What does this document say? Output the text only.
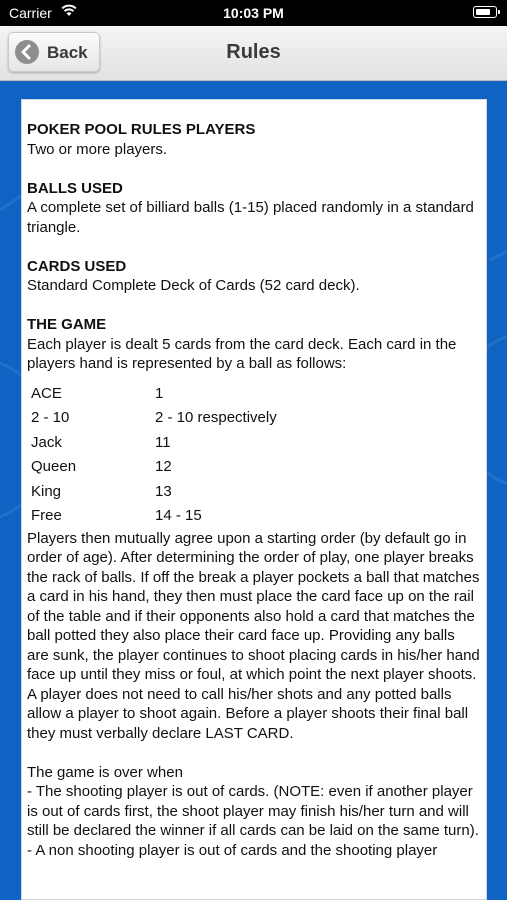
Carrier	10:03 PM
Back	Rules
POKER POOL RULES PLAYERS

Two or more players.

BALLS USED

A complete set of billiard balls (1-15) placed randomly in a standard triangle.

CARDS USED

Standard Complete Deck of Cards (52 card deck).

THE GAME

Each player is dealt 5 cards from the card deck. Each card in the players hand is represented by a ball as follows:

ACE	1
2 - 10	2 - 10 respectively
Jack	11
Queen	12
King	13
Free	14 - 15

Players then mutually agree upon a starting order (by default go in order of age). After determining the order of play, one player breaks the rack of balls. If off the break a player pockets a ball that matches a card in his hand, they then must place the card face up on the rail of the table and if their opponents also hold a card that matches the ball potted they also place their card face up. Providing any balls are sunk, the player continues to shoot placing cards in his/her hand face up until they miss or foul, at which point the next player shoots. A player does not need to call his/her shots and any potted balls allow a player to shoot again. Before a player shoots their final ball they must verbally declare LAST CARD.

The game is over when

- The shooting player is out of cards. (NOTE: even if another player is out of cards first, the shoot player may finish his/her turn and will still be declared the winner if all cards can be laid on the same turn).

- A non shooting player is out of cards and the shooting player
